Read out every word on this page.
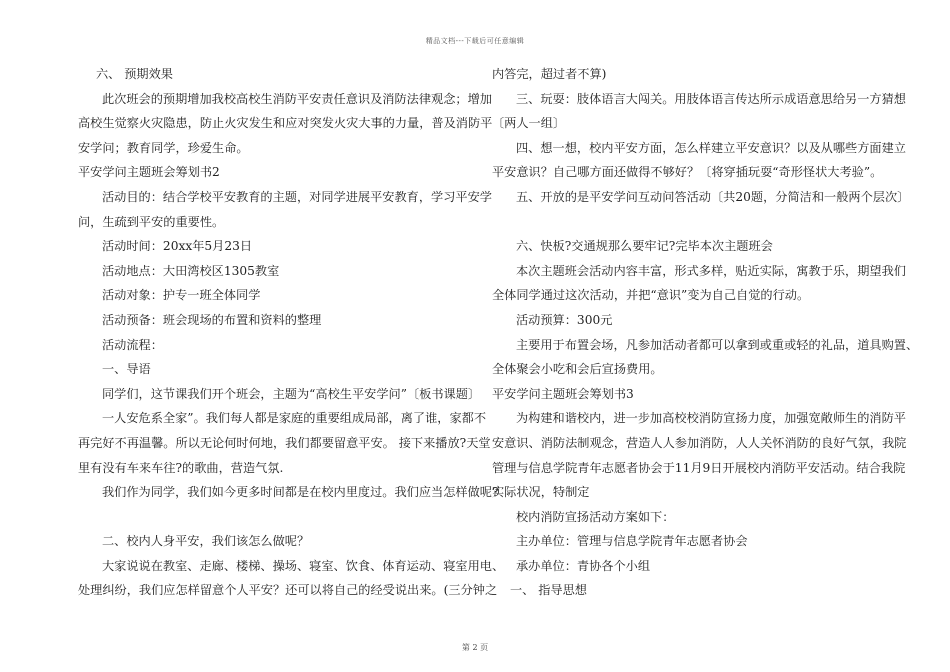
精品文档---下载后可任意编辑
六、 预期效果
此次班会的预期增加我校高校生消防平安责任意识及消防法律观念；增加
高校生觉察火灾隐患，防止火灾发生和应对突发火灾大事的力量，普及消防平
安学问；教育同学，珍爱生命。
平安学问主题班会筹划书2
活动目的：结合学校平安教育的主题，对同学进展平安教育，学习平安学
问，生疏到平安的重要性。
活动时间：20xx年5月23日
活动地点：大田湾校区1305教室
活动对象：护专一班全体同学
活动预备：班会现场的布置和资料的整理
活动流程：
一、导语
同学们，这节课我们开个班会，主题为“高校生平安学问”〔板书课题〕
一人安危系全家”。我们每人都是家庭的重要组成局部，离了谁，家都不
再完好不再温馨。所以无论何时何地，我们都要留意平安。 接下来播放?天堂
里有没有车来车往?的歌曲，营造气氛.
我们作为同学，我们如今更多时间都是在校内里度过。我们应当怎样做呢?
二、校内人身平安，我们该怎么做呢？
大家说说在教室、走廊、楼梯、操场、寝室、饮食、体育运动、寝室用电、
处理纠纷，我们应怎样留意个人平安？还可以将自己的经受说出来。(三分钟之
内答完，超过者不算)
三、玩耍：肢体语言大闯关。用肢体语言传达所示成语意思给另一方猜想
〔两人一组〕
四、想一想，校内平安方面，怎么样建立平安意识？以及从哪些方面建立
平安意识？自己哪方面还做得不够好？〔将穿插玩耍“奇形怪状大考验”。
五、开放的是平安学问互动问答活动〔共20题，分简洁和一般两个层次〕
六、快板?交通规那么要牢记?完毕本次主题班会
本次主题班会活动内容丰富，形式多样，贴近实际，寓教于乐，期望我们
全体同学通过这次活动，并把“意识”变为自己自觉的行动。
活动预算：300元
主要用于布置会场，凡参加活动者都可以拿到或重或轻的礼品，道具购置、
全体聚会小吃和会后宣扬费用。
平安学问主题班会筹划书3
为构建和谐校内，进一步加高校校消防宣扬力度，加强宽敞师生的消防平
安意识、消防法制观念，营造人人参加消防，人人关怀消防的良好气氛，我院
管理与信息学院青年志愿者协会于11月9日开展校内消防平安活动。结合我院
实际状况，特制定
校内消防宣扬活动方案如下：
主办单位：管理与信息学院青年志愿者协会
承办单位：青协各个小组
一、 指导思想
第 2 页
